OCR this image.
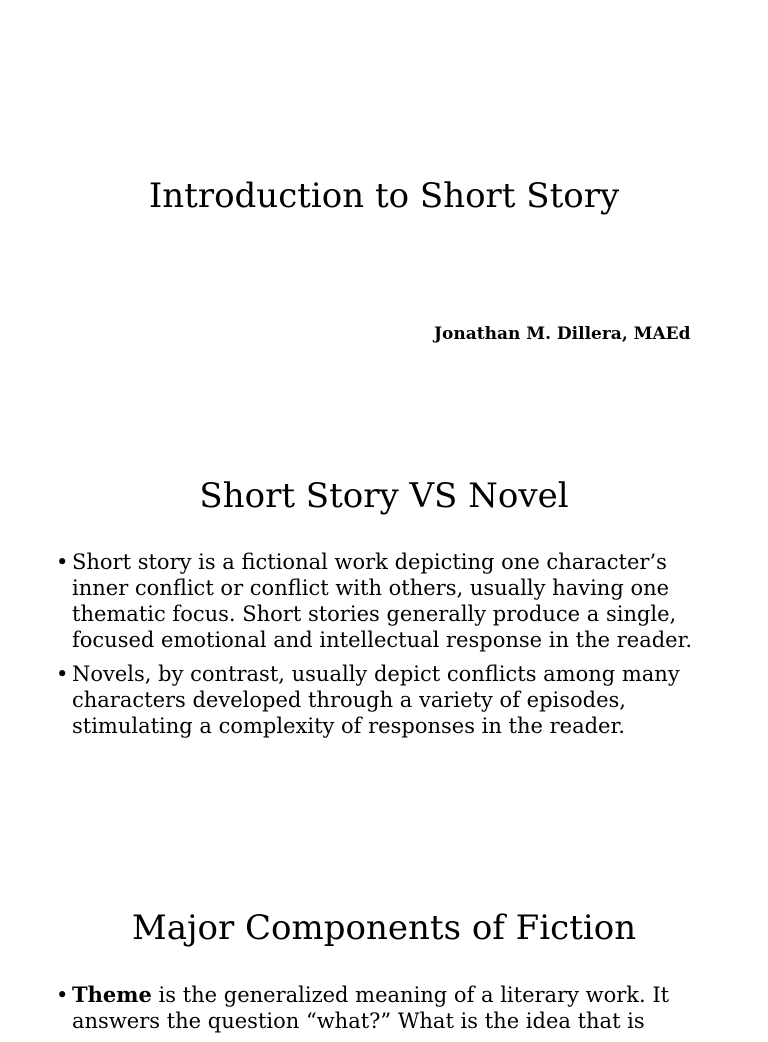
Introduction to Short Story
Jonathan M. Dillera, MAEd
Short Story VS Novel
• Short story is a fictional work depicting one character’s
inner conflict or conflict with others, usually having one
thematic focus. Short stories generally produce a single,
focused emotional and intellectual response in the reader.
• Novels, by contrast, usually depict conflicts among many
characters developed through a variety of episodes,
stimulating a complexity of responses in the reader.
Major Components of Fiction
• Theme is the generalized meaning of a literary work. It
answers the question “what?” What is the idea that is
